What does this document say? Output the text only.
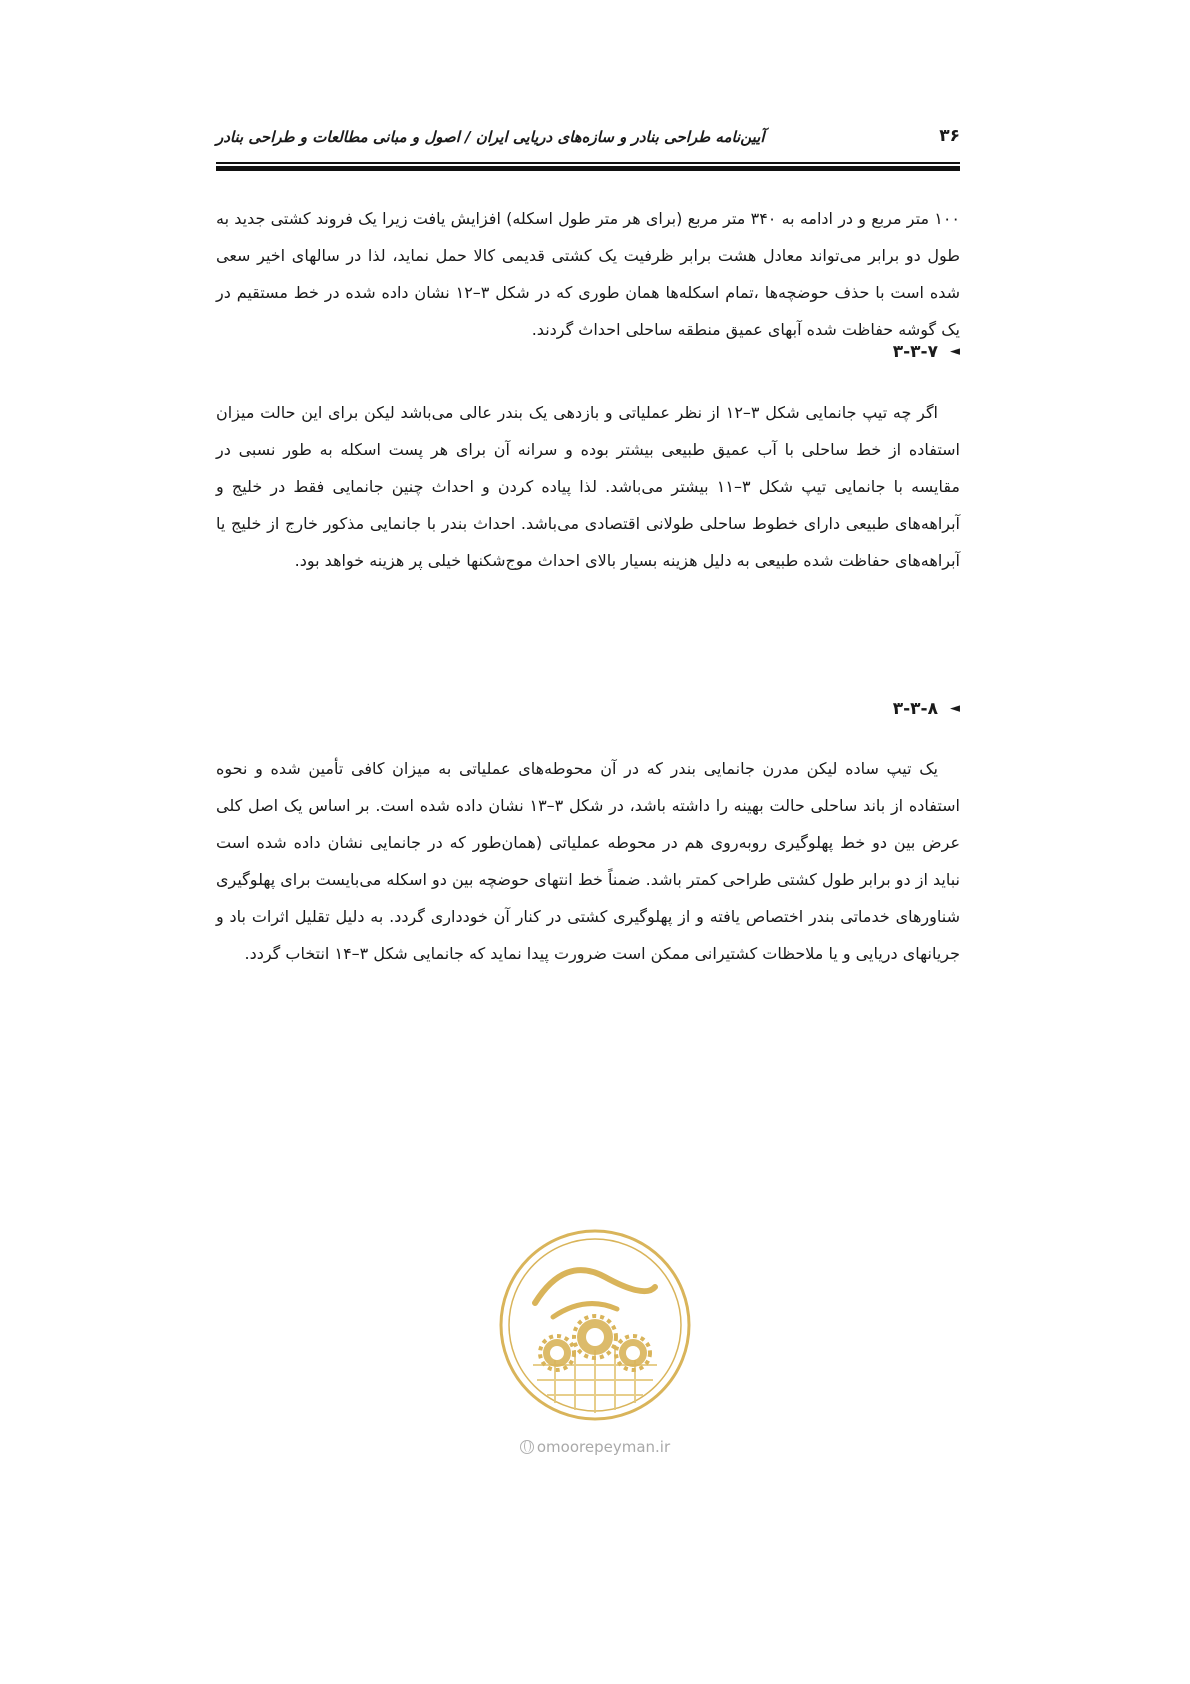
۳۶
آیین‌نامه طراحی بنادر و سازه‌های دریایی ایران / اصول و مبانی مطالعات و طراحی بنادر

۱۰۰ متر مربع و در ادامه به ۳۴۰ متر مربع (برای هر متر طول اسکله) افزایش یافت زیرا یک فروند کشتی جدید به طول دو برابر می‌تواند معادل هشت برابر ظرفیت یک کشتی قدیمی کالا حمل نماید، لذا در سالهای اخیر سعی شده است با حذف حوضچه‌ها ،تمام اسکله‌ها همان طوری که در شکل ۳–۱۲ نشان داده شده در خط مستقیم در یک گوشه حفاظت شده آبهای عمیق منطقه ساحلی احداث گردند.

◄۳-۳-۷

اگر چه تیپ جانمایی شکل ۳–۱۲ از نظر عملیاتی و بازدهی یک بندر عالی می‌باشد لیکن برای این حالت میزان استفاده از خط ساحلی با آب عمیق طبیعی بیشتر بوده و سرانه آن برای هر پست اسکله به طور نسبی در مقایسه با جانمایی تیپ شکل ۳–۱۱ بیشتر می‌باشد. لذا پیاده کردن و احداث چنین جانمایی فقط در خلیج و آبراهه‌های طبیعی دارای خطوط ساحلی طولانی اقتصادی می‌باشد. احداث بندر با جانمایی مذکور خارج از خلیج یا آبراهه‌های حفاظت شده طبیعی به دلیل هزینه بسیار بالای احداث موج‌شکنها خیلی پر هزینه خواهد بود.

◄۳-۳-۸

یک تیپ ساده لیکن مدرن جانمایی بندر که در آن محوطه‌های عملیاتی به میزان کافی تأمین شده و نحوه استفاده از باند ساحلی حالت بهینه را داشته باشد، در شکل ۳–۱۳ نشان داده شده است. بر اساس یک اصل کلی عرض بین دو خط پهلوگیری روبه‌روی هم در محوطه عملیاتی (همان‌طور که در جانمایی نشان داده شده است نباید از دو برابر طول کشتی طراحی کمتر باشد. ضمناً خط انتهای حوضچه بین دو اسکله می‌بایست برای پهلوگیری شناورهای خدماتی بندر اختصاص یافته و از پهلوگیری کشتی در کنار آن خودداری گردد. به دلیل تقلیل اثرات باد و جریانهای دریایی و یا ملاحظات کشتیرانی ممکن است ضرورت پیدا نماید که جانمایی شکل ۳–۱۴ انتخاب گردد.

omoorepeyman.ir
